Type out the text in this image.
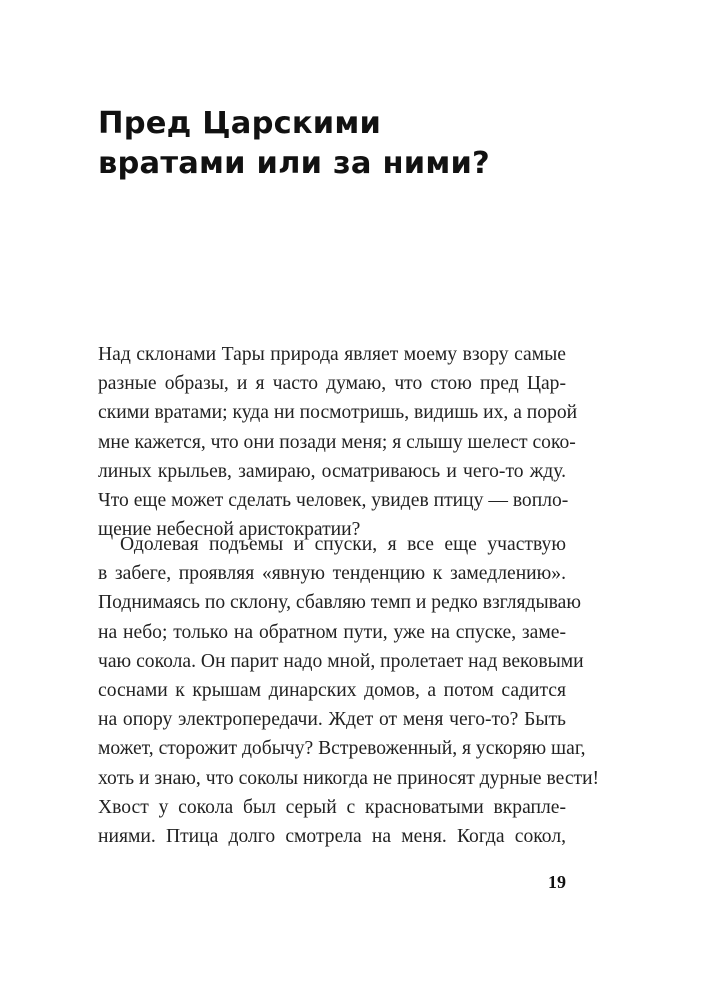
Пред Царскими
вратами или за ними?
Над склонами Тары природа являет моему взору самые
разные образы, и я часто думаю, что стою пред Цар-
скими вратами; куда ни посмотришь, видишь их, а порой
мне кажется, что они позади меня; я слышу шелест соко-
линых крыльев, замираю, осматриваюсь и чего-то жду.
Что еще может сделать человек, увидев птицу — вопло-
щение небесной аристократии?
Одолевая подъемы и спуски, я все еще участвую
в забеге, проявляя «явную тенденцию к замедлению».
Поднимаясь по склону, сбавляю темп и редко взглядываю
на небо; только на обратном пути, уже на спуске, заме-
чаю сокола. Он парит надо мной, пролетает над вековыми
соснами к крышам динарских домов, а потом садится
на опору электропередачи. Ждет от меня чего-то? Быть
может, сторожит добычу? Встревоженный, я ускоряю шаг,
хоть и знаю, что соколы никогда не приносят дурные вести!
Хвост у сокола был серый с красноватыми вкрапле-
ниями. Птица долго смотрела на меня. Когда сокол,
19
